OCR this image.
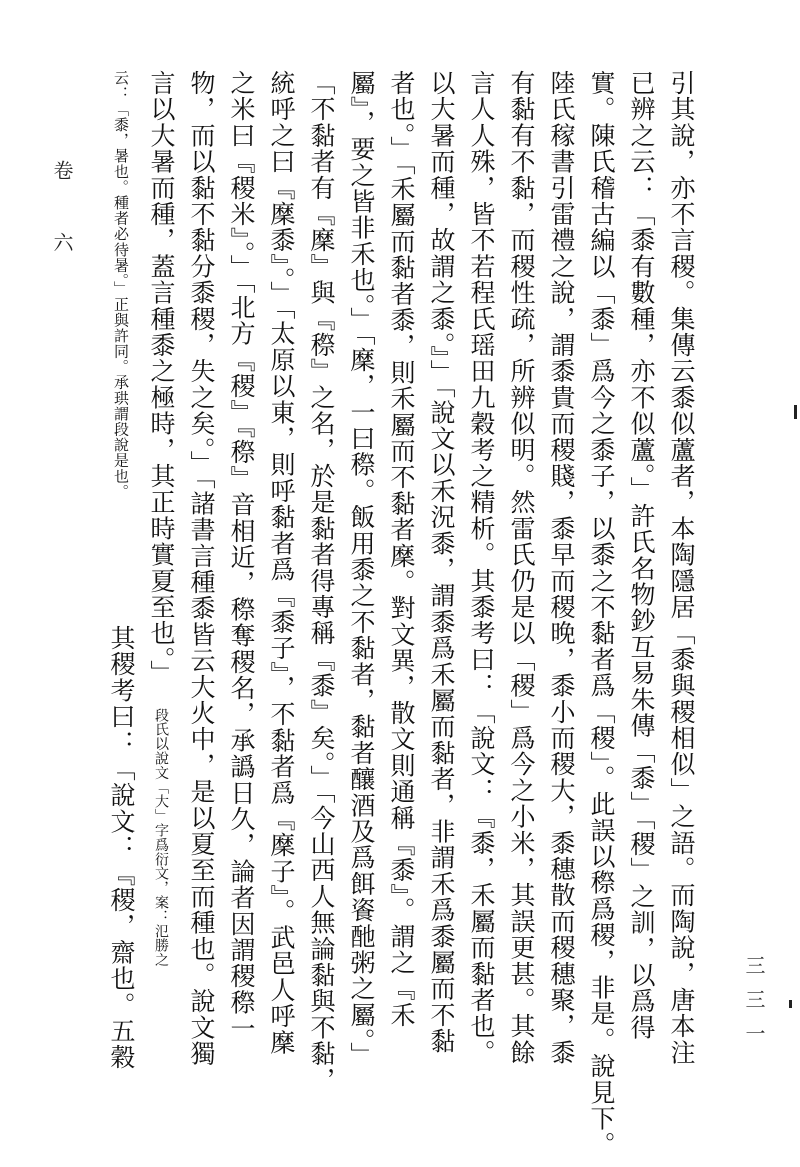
三三一
卷 六	引其說，亦不言稷。集傳云黍似蘆者，本陶隱居「黍與稷相似」之語。而陶說，唐本注
已辨之云：「黍有數種，亦不似蘆。」許氏名物鈔互易朱傳「黍」「稷」之訓，以爲得
實。陳氏稽古編以「黍」爲今之黍子，以黍之不黏者爲「稷」。此誤以穄爲稷，非是。說見下。
陸氏稼書引雷禮之說，謂黍貴而稷賤，黍早而稷晚，黍小而稷大，黍穗散而稷穗聚，黍
有黏有不黏，而稷性疏，所辨似明。然雷氏仍是以「稷」爲今之小米，其誤更甚。其餘
言人人殊，皆不若程氏瑶田九穀考之精析。其黍考曰：「說文：『黍，禾屬而黏者也。
以大暑而種，故謂之黍。』」「說文以禾況黍，謂黍爲禾屬而黏者，非謂禾爲黍屬而不黏
者也。」「禾屬而黏者黍，則禾屬而不黏者穈。對文異，散文則通稱『黍』。謂之『禾
屬』，要之皆非禾也。」「穈，一曰穄。飯用黍之不黏者，黏者釀酒及爲餌餈酏粥之屬。」
「不黏者有『穈』與『穄』之名，於是黏者得專稱『黍』矣。」「今山西人無論黏與不黏，
統呼之曰『穈黍』。」「太原以東，則呼黏者爲『黍子』，不黏者爲『穈子』。武邑人呼穈
之米曰『稷米』。」「北方『稷』『穄』音相近，穄奪稷名，承譌日久，論者因謂稷穄一
物，而以黏不黏分黍稷，失之矣。」「諸書言種黍皆云大火中，是以夏至而種也。說文獨
段氏以說文「大」字爲衍文，案：氾勝之
云：「黍，暑也。種者必待暑。」正與許同。承珙謂段說是也。
其稷考曰：「說文：『稷，齋也。五穀
言以大暑而種，蓋言種黍之極時，其正時實夏至也。」
